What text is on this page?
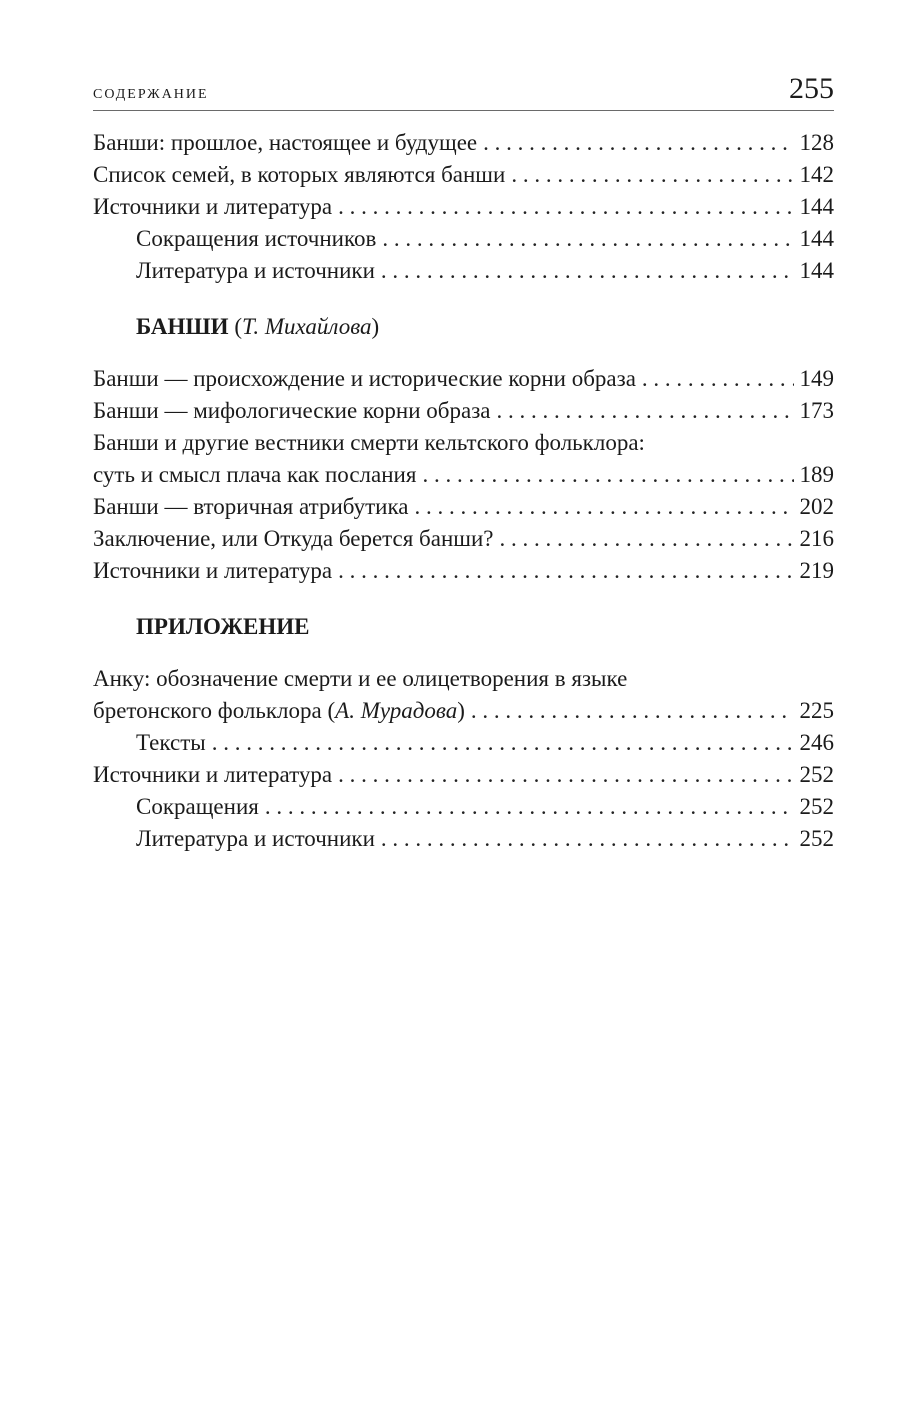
содержание	255
Банши: прошлое, настоящее и будущее . . .	128
Список семей, в которых являются банши . . .	142
Источники и литература . . .	144
Сокращения источников . . .	144
Литература и источники . . .	144
БАНШИ (Т. Михайлова)
Банши — происхождение и исторические корни образа . . .	149
Банши — мифологические корни образа . . .	173
Банши и другие вестники смерти кельтского фольклора:
суть и смысл плача как послания . . .	189
Банши — вторичная атрибутика . . .	202
Заключение, или Откуда берется банши? . . .	216
Источники и литература . . .	219
ПРИЛОЖЕНИЕ
Анку: обозначение смерти и ее олицетворения в языке
бретонского фольклора (А. Мурадова) . . .	225
Тексты . . .	246
Источники и литература . . .	252
Сокращения . . .	252
Литература и источники . . .	252
